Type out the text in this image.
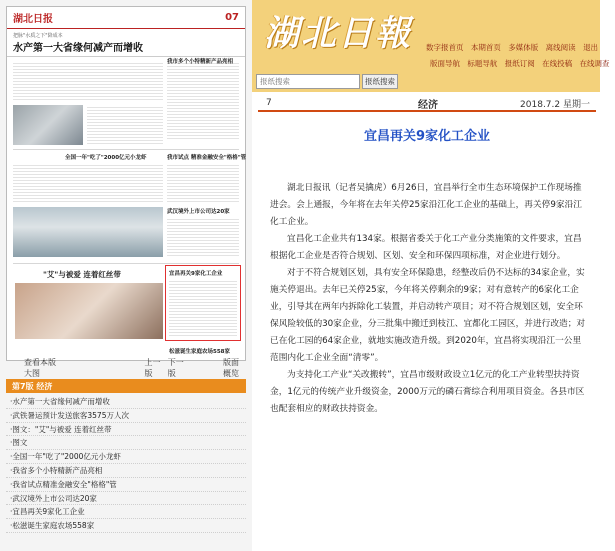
湖北日报	07
把脉"水质之下"降成本
水产第一大省缘何减产而增收
我市多个小特精新产品亮相
全国一年"吃了"2000亿元小龙虾	我市试点 精准金融安全"格格"管
武汉境外上市公司达20家
"艾"与被爱 连着红丝带	宜昌再关9家化工企业
松滋诞生家庭农场558家
查看本版大图
上一版
下一版
版面概览
第7版 经济
·水产第一大省缘何减产而增收
·武铁暑运预计发送旅客3575万人次
·图文："艾"与被爱 连着红丝带
·图文
·全国一年"吃了"2000亿元小龙虾
·我省多个小特精新产品亮相
·我省试点精准金融安全"格格"管
·武汉境外上市公司达20家
·宜昌再关9家化工企业
·松滋诞生家庭农场558家
湖北日報 数字报首页 本期首页 多媒体版 离线阅读 退出
版面导航 标题导航 报纸订阅 在线投稿 在线调查
报纸搜索
报纸搜索
7	经济	2018.7.2 星期一
宜昌再关9家化工企业

湖北日报讯（记者吴擒虎）6月26日，宜昌举行全市生态环境保护工作现场推进会。会上通报，今年将在去年关停25家沿江化工企业的基础上，再关停9家沿江化工企业。

宜昌化工企业共有134家。根据省委关于化工产业分类施策的文件要求，宜昌根据化工企业是否符合规划、区划、安全和环保四项标准，对企业进行划分。

对于不符合规划区划，具有安全环保隐患，经整改后仍不达标的34家企业，实施关停退出。去年已关停25家，今年将关停剩余的9家；对有意转产的6家化工企业，引导其在两年内拆除化工装置，并启动转产项目；对不符合规划区划，安全环保风险较低的30家企业，分三批集中搬迁到枝江、宜都化工园区，并进行改造；对已在化工园的64家企业，就地实施改造升级。到2020年，宜昌将实现沿江一公里范围内化工企业全面“清零”。

为支持化工产业“关改搬转”，宜昌市级财政设立1亿元的化工产业转型扶持资金，1亿元的传统产业升级资金，2000万元的磷石膏综合利用项目资金。各县市区也配套相应的财政扶持资金。
